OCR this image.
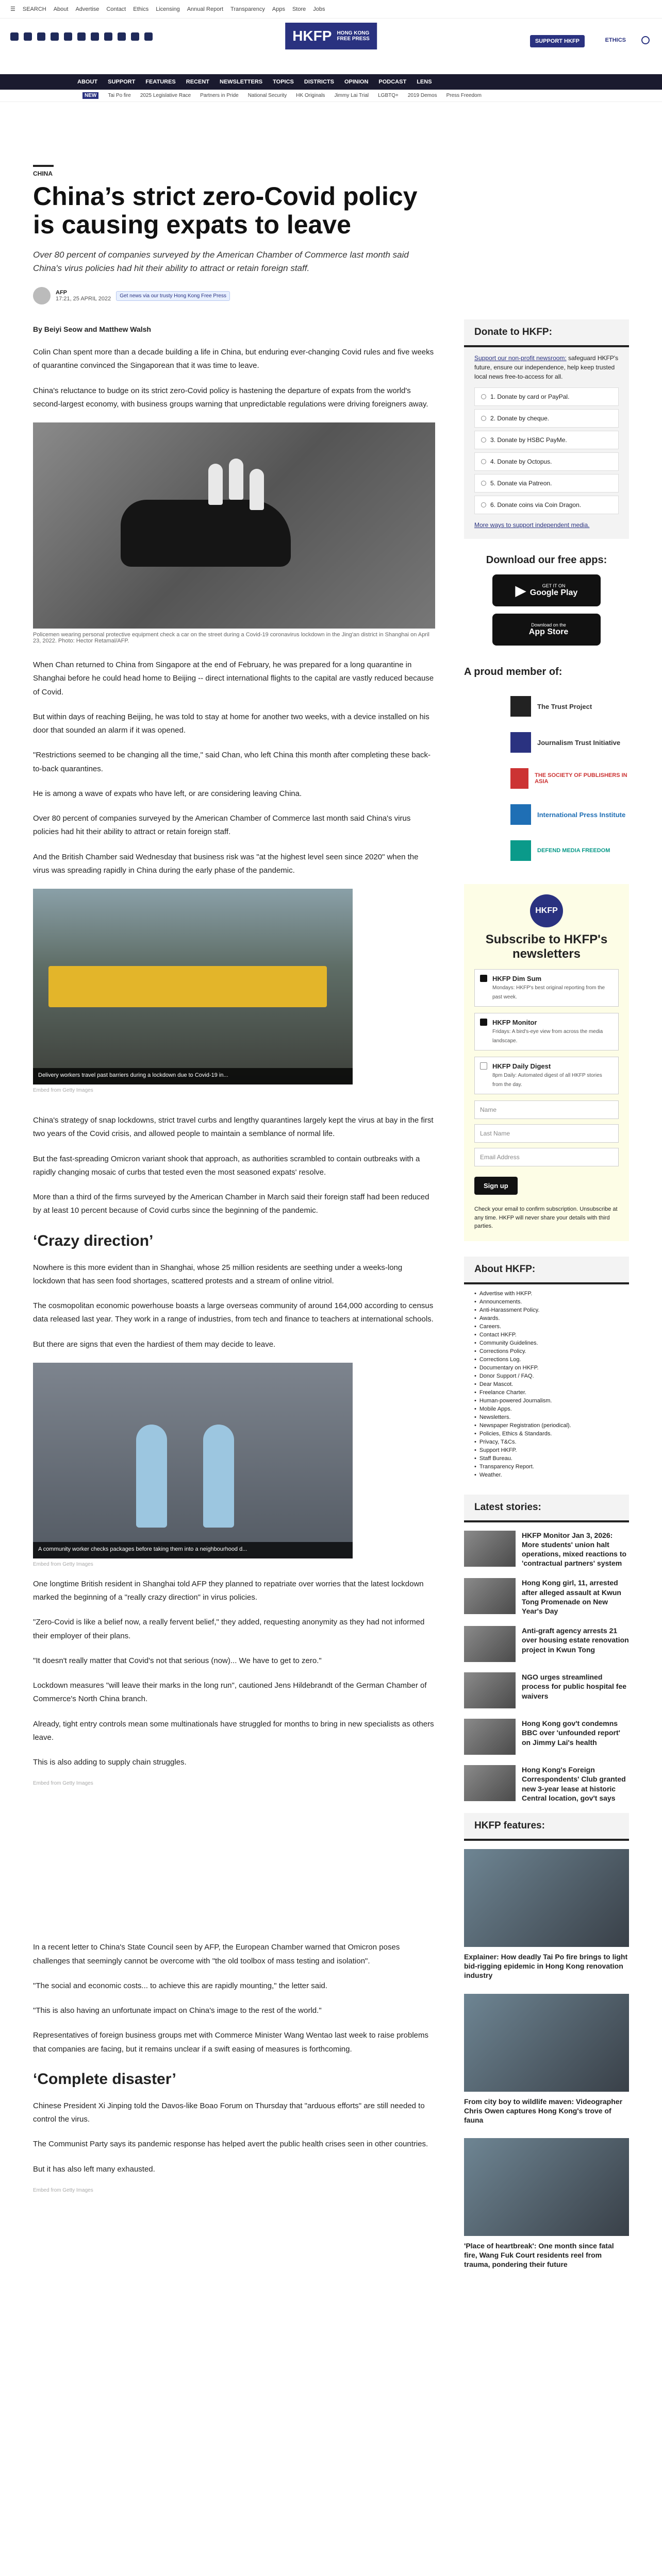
☰ SEARCH About Advertise Contact Ethics Licensing Annual Report Transparency Apps Store Jobs
HKFP HONG KONG
FREE PRESS	SUPPORT HKFP	ETHICS
ABOUT SUPPORT FEATURES RECENT NEWSLETTERS TOPICS DISTRICTS OPINION PODCAST LENS
NEW	Tai Po fire 2025 Legislative Race Partners in Pride National Security HK Originals Jimmy Lai Trial LGBTQ+ 2019 Demos Press Freedom
CHINA
China’s strict zero-Covid policy is causing expats to leave
Over 80 percent of companies surveyed by the American Chamber of Commerce last month said China's virus policies had hit their ability to attract or retain foreign staff.
AFP
17:21, 25 APRIL 2022	Get news via our trusty Hong Kong Free Press
By Beiyi Seow and Matthew Walsh

Colin Chan spent more than a decade building a life in China, but enduring ever-changing Covid rules and five weeks of quarantine convinced the Singaporean that it was time to leave.

China's reluctance to budge on its strict zero-Covid policy is hastening the departure of expats from the world's second-largest economy, with business groups warning that unpredictable regulations were driving foreigners away.

Policemen wearing personal protective equipment check a car on the street during a Covid-19 coronavirus lockdown in the Jing'an district in Shanghai on April 23, 2022. Photo: Hector Retamal/AFP.

When Chan returned to China from Singapore at the end of February, he was prepared for a long quarantine in Shanghai before he could head home to Beijing -- direct international flights to the capital are vastly reduced because of Covid.

But within days of reaching Beijing, he was told to stay at home for another two weeks, with a device installed on his door that sounded an alarm if it was opened.

"Restrictions seemed to be changing all the time," said Chan, who left China this month after completing these back-to-back quarantines.

He is among a wave of expats who have left, or are considering leaving China.

Over 80 percent of companies surveyed by the American Chamber of Commerce last month said China's virus policies had hit their ability to attract or retain foreign staff.

And the British Chamber said Wednesday that business risk was "at the highest level seen since 2020" when the virus was spreading rapidly in China during the early phase of the pandemic.

Delivery workers travel past barriers during a lockdown due to Covid-19 in...
Embed from Getty Images

China's strategy of snap lockdowns, strict travel curbs and lengthy quarantines largely kept the virus at bay in the first two years of the Covid crisis, and allowed people to maintain a semblance of normal life.

But the fast-spreading Omicron variant shook that approach, as authorities scrambled to contain outbreaks with a rapidly changing mosaic of curbs that tested even the most seasoned expats' resolve.

More than a third of the firms surveyed by the American Chamber in March said their foreign staff had been reduced by at least 10 percent because of Covid curbs since the beginning of the pandemic.

‘Crazy direction’

Nowhere is this more evident than in Shanghai, whose 25 million residents are seething under a weeks-long lockdown that has seen food shortages, scattered protests and a stream of online vitriol.

The cosmopolitan economic powerhouse boasts a large overseas community of around 164,000 according to census data released last year. They work in a range of industries, from tech and finance to teachers at international schools.

But there are signs that even the hardiest of them may decide to leave.

A community worker checks packages before taking them into a neighbourhood d...
Embed from Getty Images

One longtime British resident in Shanghai told AFP they planned to repatriate over worries that the latest lockdown marked the beginning of a "really crazy direction" in virus policies.

"Zero-Covid is like a belief now, a really fervent belief," they added, requesting anonymity as they had not informed their employer of their plans.

"It doesn't really matter that Covid's not that serious (now)... We have to get to zero."

Lockdown measures "will leave their marks in the long run", cautioned Jens Hildebrandt of the German Chamber of Commerce's North China branch.

Already, tight entry controls mean some multinationals have struggled for months to bring in new specialists as others leave.

This is also adding to supply chain struggles.

Embed from Getty Images

In a recent letter to China's State Council seen by AFP, the European Chamber warned that Omicron poses challenges that seemingly cannot be overcome with "the old toolbox of mass testing and isolation".

"The social and economic costs... to achieve this are rapidly mounting," the letter said.

"This is also having an unfortunate impact on China's image to the rest of the world."

Representatives of foreign business groups met with Commerce Minister Wang Wentao last week to raise problems that companies are facing, but it remains unclear if a swift easing of measures is forthcoming.

‘Complete disaster’

Chinese President Xi Jinping told the Davos-like Boao Forum on Thursday that "arduous efforts" are still needed to control the virus.

The Communist Party says its pandemic response has helped avert the public health crises seen in other countries.

But it has also left many exhausted.

Embed from Getty Images
Donate to HKFP:
Support our non-profit newsroom: safeguard HKFP's future, ensure our independence, help keep trusted local news free-to-access for all.
1. Donate by card or PayPal.
2. Donate by cheque.
3. Donate by HSBC PayMe.
4. Donate by Octopus.
5. Donate via Patreon.
6. Donate coins via Coin Dragon.
More ways to support independent media.
Download our free apps:
▶	GET IT ON
Google Play
Download on the
App Store
A proud member of:
The Trust Project
Journalism Trust Initiative
THE SOCIETY OF PUBLISHERS IN ASIA
International Press Institute
DEFEND MEDIA FREEDOM
HKFP
Subscribe to HKFP's newsletters
HKFP Dim Sum
Mondays: HKFP's best original reporting from the past week.
HKFP Monitor
Fridays: A bird's-eye view from across the media landscape.
HKFP Daily Digest
8pm Daily: Automated digest of all HKFP stories from the day.
Name
Last Name
Email Address
Sign up
Check your email to confirm subscription. Unsubscribe at any time. HKFP will never share your details with third parties.
About HKFP:
• Advertise with HKFP.
• Announcements.
• Anti-Harassment Policy.
• Awards.
• Careers.
• Contact HKFP.
• Community Guidelines.
• Corrections Policy.
• Corrections Log.
• Documentary on HKFP.
• Donor Support / FAQ.
• Dear Mascot.
• Freelance Charter.
• Human-powered Journalism.
• Mobile Apps.
• Newsletters.
• Newspaper Registration (periodical).
• Policies, Ethics & Standards.
• Privacy, T&Cs.
• Support HKFP.
• Staff Bureau.
• Transparency Report.
• Weather.
Latest stories:
HKFP Monitor Jan 3, 2026: More students' union halt operations, mixed reactions to 'contractual partners' system
Hong Kong girl, 11, arrested after alleged assault at Kwun Tong Promenade on New Year's Day
Anti-graft agency arrests 21 over housing estate renovation project in Kwun Tong
NGO urges streamlined process for public hospital fee waivers
Hong Kong gov't condemns BBC over 'unfounded report' on Jimmy Lai's health
Hong Kong's Foreign Correspondents' Club granted new 3-year lease at historic Central location, gov't says
HKFP features:
Explainer: How deadly Tai Po fire brings to light bid-rigging epidemic in Hong Kong renovation industry
From city boy to wildlife maven: Videographer Chris Owen captures Hong Kong's trove of fauna
'Place of heartbreak': One month since fatal fire, Wang Fuk Court residents reel from trauma, pondering their future
